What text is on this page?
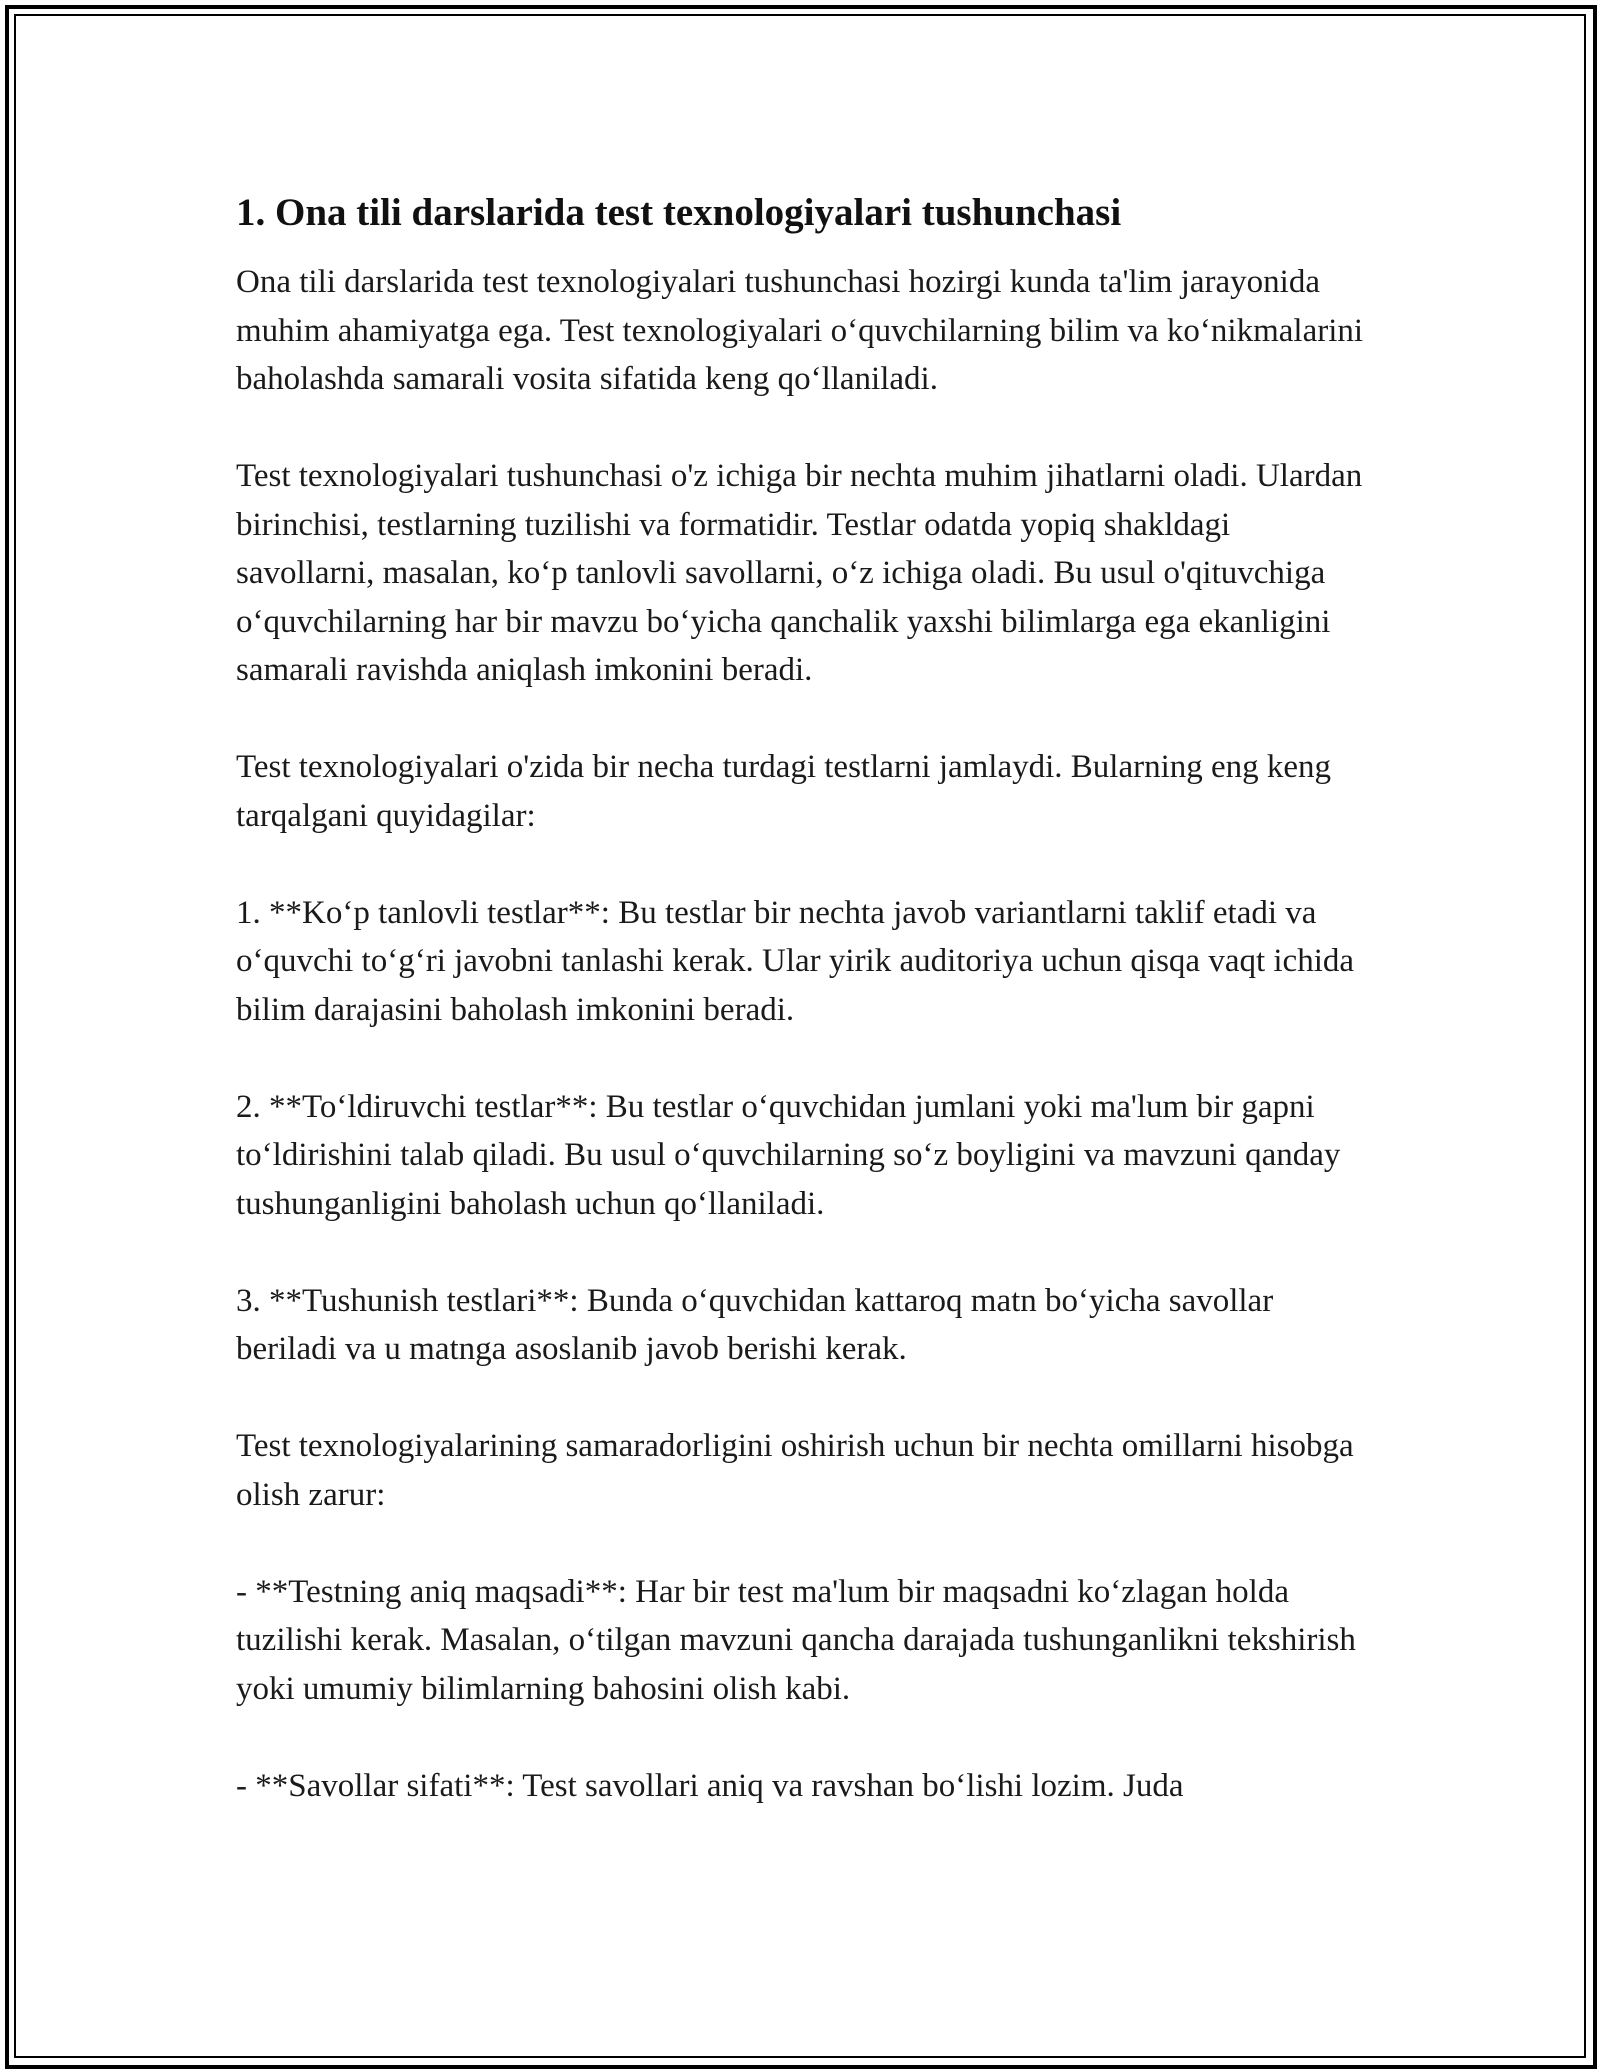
1. Ona tili darslarida test texnologiyalari tushunchasi

Ona tili darslarida test texnologiyalari tushunchasi hozirgi kunda ta'lim jarayonida muhim ahamiyatga ega. Test texnologiyalari o‘quvchilarning bilim va ko‘nikmalarini baholashda samarali vosita sifatida keng qo‘llaniladi.

Test texnologiyalari tushunchasi o'z ichiga bir nechta muhim jihatlarni oladi. Ulardan birinchisi, testlarning tuzilishi va formatidir. Testlar odatda yopiq shakldagi savollarni, masalan, ko‘p tanlovli savollarni, o‘z ichiga oladi. Bu usul o'qituvchiga o‘quvchilarning har bir mavzu bo‘yicha qanchalik yaxshi bilimlarga ega ekanligini samarali ravishda aniqlash imkonini beradi.

Test texnologiyalari o'zida bir necha turdagi testlarni jamlaydi. Bularning eng keng tarqalgani quyidagilar:

1. **Ko‘p tanlovli testlar**: Bu testlar bir nechta javob variantlarni taklif etadi va o‘quvchi to‘g‘ri javobni tanlashi kerak. Ular yirik auditoriya uchun qisqa vaqt ichida bilim darajasini baholash imkonini beradi.

2. **To‘ldiruvchi testlar**: Bu testlar o‘quvchidan jumlani yoki ma'lum bir gapni to‘ldirishini talab qiladi. Bu usul o‘quvchilarning so‘z boyligini va mavzuni qanday tushunganligini baholash uchun qo‘llaniladi.

3. **Tushunish testlari**: Bunda o‘quvchidan kattaroq matn bo‘yicha savollar beriladi va u matnga asoslanib javob berishi kerak.

Test texnologiyalarining samaradorligini oshirish uchun bir nechta omillarni hisobga olish zarur:

- **Testning aniq maqsadi**: Har bir test ma'lum bir maqsadni ko‘zlagan holda tuzilishi kerak. Masalan, o‘tilgan mavzuni qancha darajada tushunganlikni tekshirish yoki umumiy bilimlarning bahosini olish kabi.

- **Savollar sifati**: Test savollari aniq va ravshan bo‘lishi lozim. Juda
